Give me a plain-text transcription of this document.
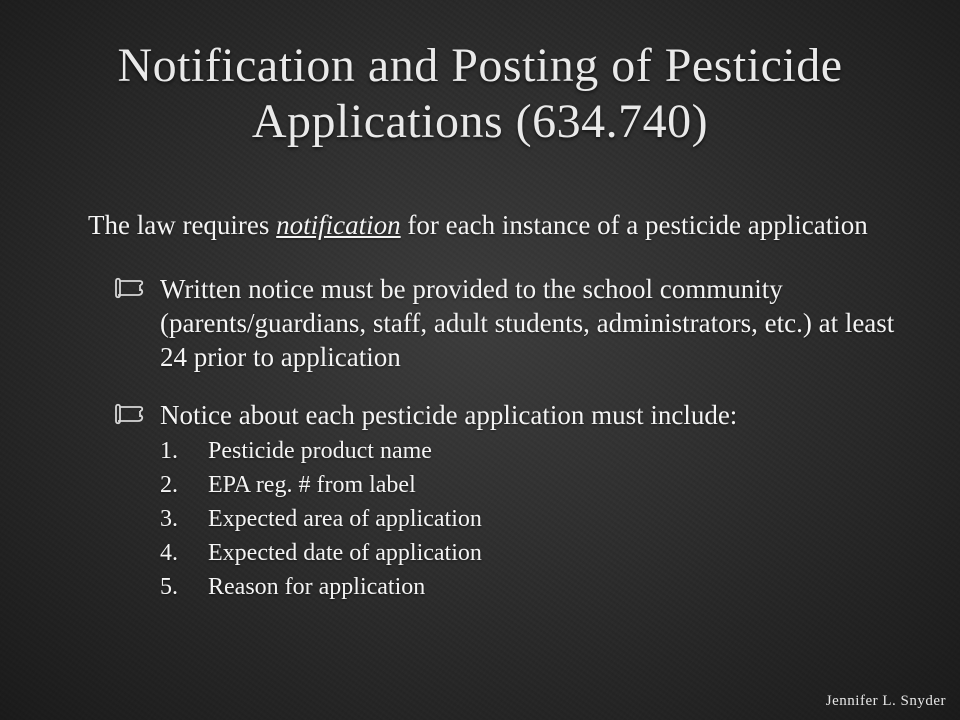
Notification and Posting of Pesticide Applications (634.740)

The law requires notification for each instance of a pesticide application

Written notice must be provided to the school community (parents/guardians, staff, adult students, administrators, etc.) at least 24 prior to application
Notice about each pesticide application must include:
1.	Pesticide product name
2.	EPA reg. # from label
3.	Expected area of application
4.	Expected date of application
5.	Reason for application
Jennifer L. Snyder
